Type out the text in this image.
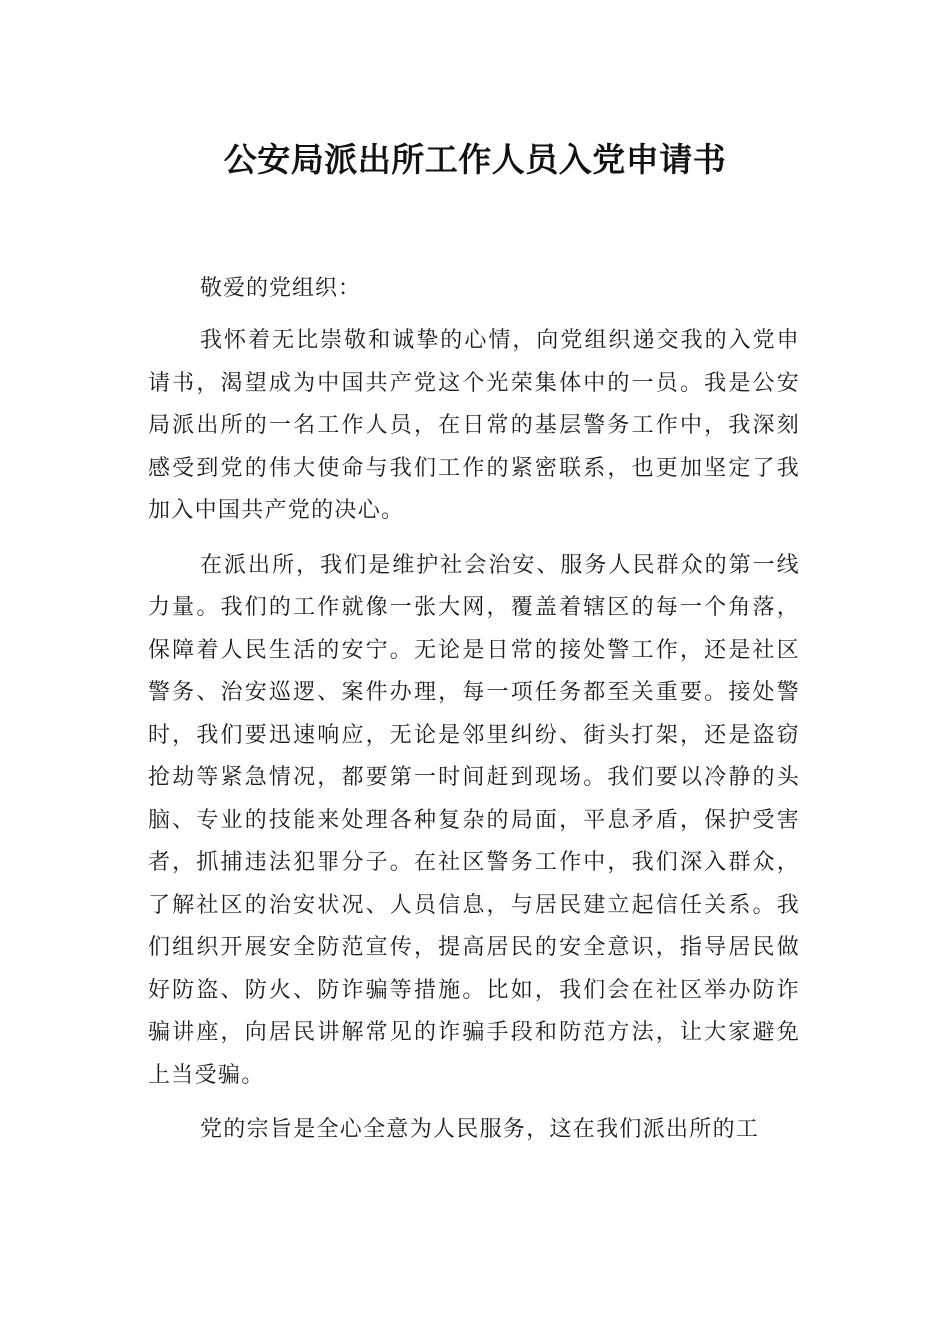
公安局派出所工作人员入党申请书

敬爱的党组织：

我怀着无比崇敬和诚挚的心情，向党组织递交我的入党申请书，渴望成为中国共产党这个光荣集体中的一员。我是公安局派出所的一名工作人员，在日常的基层警务工作中，我深刻感受到党的伟大使命与我们工作的紧密联系，也更加坚定了我加入中国共产党的决心。

在派出所，我们是维护社会治安、服务人民群众的第一线力量。我们的工作就像一张大网，覆盖着辖区的每一个角落，保障着人民生活的安宁。无论是日常的接处警工作，还是社区警务、治安巡逻、案件办理，每一项任务都至关重要。接处警时，我们要迅速响应，无论是邻里纠纷、街头打架，还是盗窃抢劫等紧急情况，都要第一时间赶到现场。我们要以冷静的头脑、专业的技能来处理各种复杂的局面，平息矛盾，保护受害者，抓捕违法犯罪分子。在社区警务工作中，我们深入群众，了解社区的治安状况、人员信息，与居民建立起信任关系。我们组织开展安全防范宣传，提高居民的安全意识，指导居民做好防盗、防火、防诈骗等措施。比如，我们会在社区举办防诈骗讲座，向居民讲解常见的诈骗手段和防范方法，让大家避免上当受骗。

党的宗旨是全心全意为人民服务，这在我们派出所的工
